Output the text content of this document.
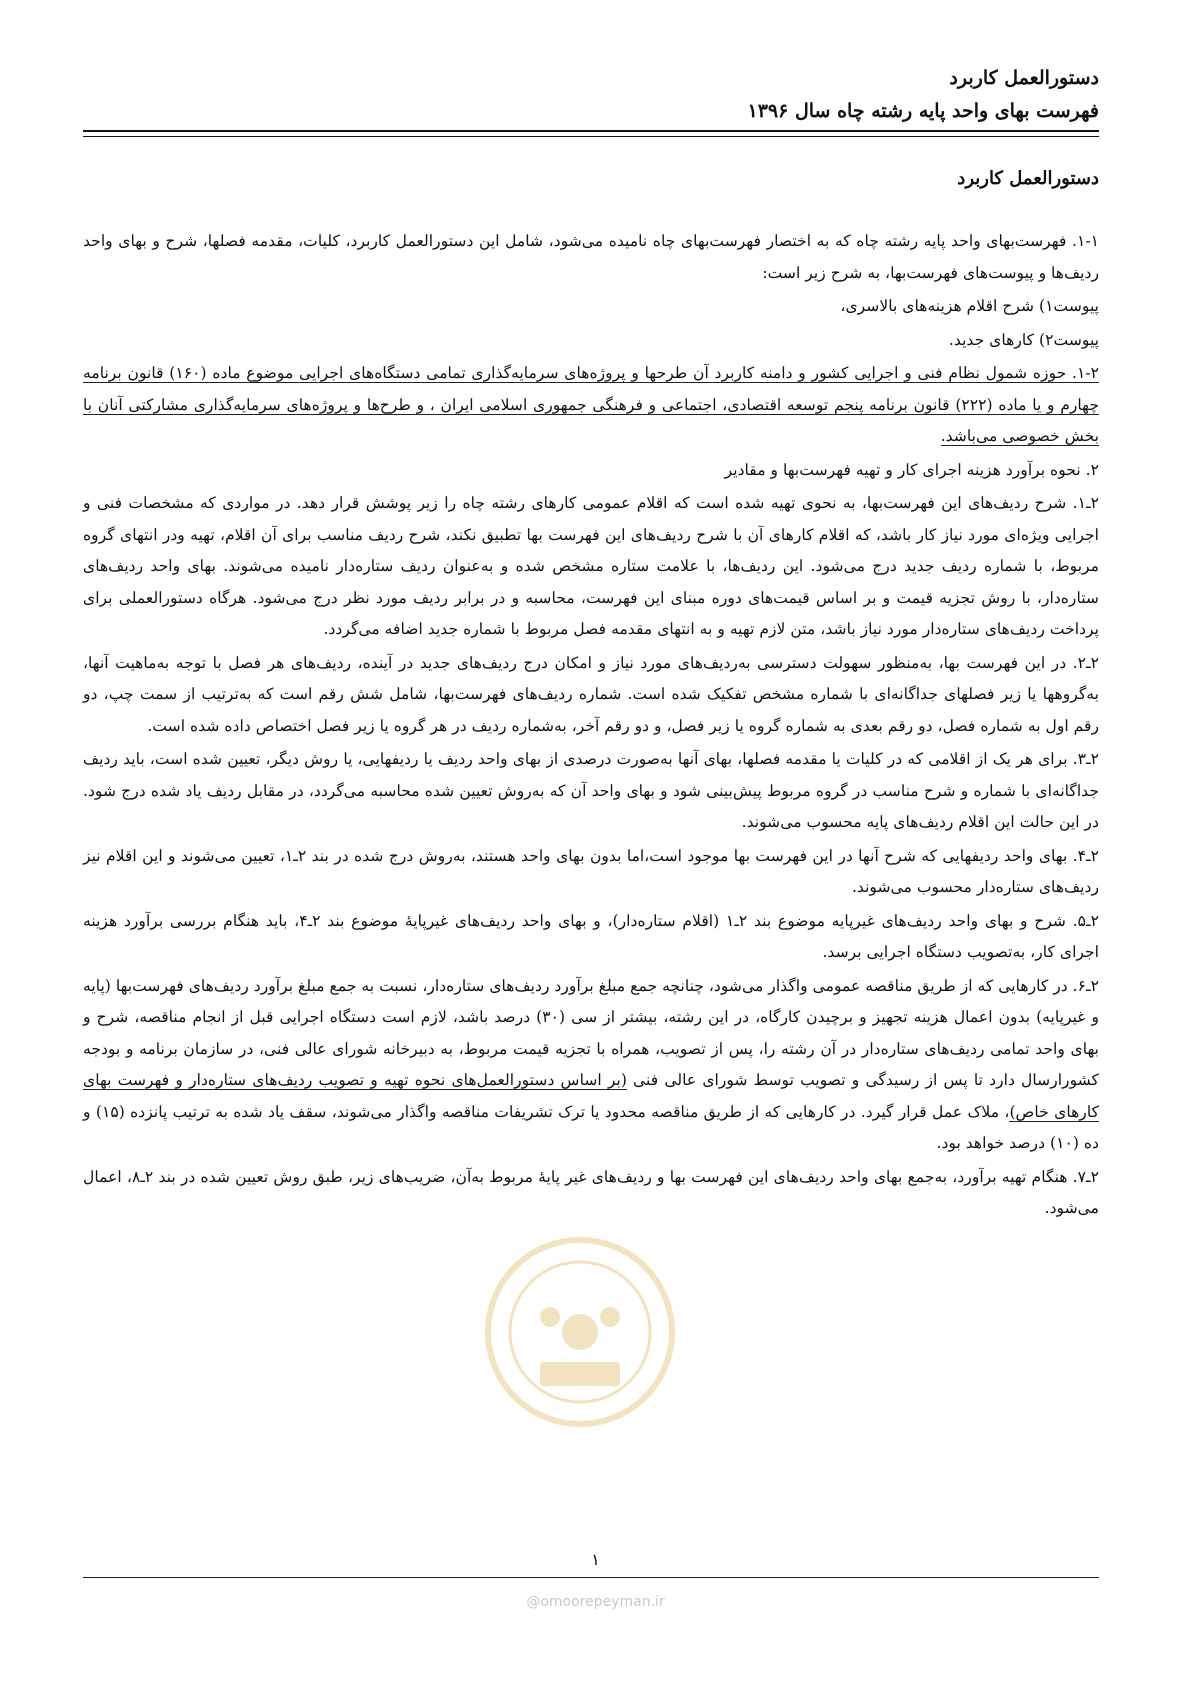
دستورالعمل کاربرد
فهرست بهای واحد پایه رشته چاه سال ۱۳۹۶
دستورالعمل کاربرد

۱-۱. فهرست‌بهای واحد پایه رشته چاه که به اختصار فهرست‌بهای چاه نامیده می‌شود، شامل این دستورالعمل کاربرد، کلیات، مقدمه فصلها، شرح و بهای واحد ردیف‌ها و پیوست‌های فهرست‌بها، به شرح زیر است:

پیوست۱) شرح اقلام هزینه‌های بالاسری،

پیوست۲) کارهای جدید.

۱-۲. حوزه شمول نظام فنی و اجرایی کشور و دامنه کاربرد آن طرحها و پروژه‌های سرمایه‌گذاری تمامی دستگاه‌های اجرایی موضوع ماده (۱۶۰) قانون برنامه چهارم و یا ماده (۲۲۲) قانون برنامه پنجم توسعه اقتصادی، اجتماعی و فرهنگی جمهوری اسلامی ایران ، و طرح‌ها و پروژه‌های سرمایه‌گذاری مشارکتی آنان با بخش خصوصی می‌باشد.

۲. نحوه برآورد هزینه اجرای کار و تهیه فهرست‌بها و مقادیر

۲ـ۱. شرح ردیف‌های این فهرست‌بها، به نحوی تهیه شده است که اقلام عمومی کارهای رشته چاه را زیر پوشش قرار دهد. در مواردی که مشخصات فنی و اجرایی ویژه‌ای مورد نیاز کار باشد، که اقلام کارهای آن با شرح ردیف‌های این فهرست بها تطبیق نکند، شرح ردیف مناسب برای آن اقلام، تهیه ودر انتهای گروه مربوط، با شماره ردیف جدید درج می‌شود. این ردیف‌ها، با علامت ستاره مشخص شده و به‌عنوان ردیف ستاره‌دار نامیده می‌شوند. بهای واحد ردیف‌های ستاره‌دار، با روش تجزیه قیمت و بر اساس قیمت‌های دوره مبنای این فهرست، محاسبه و در برابر ردیف مورد نظر درج می‌شود. هرگاه دستورالعملی برای پرداخت ردیف‌های ستاره‌دار مورد نیاز باشد، متن لازم تهیه و به انتهای مقدمه فصل مربوط با شماره جدید اضافه می‌گردد.

۲ـ۲. در این فهرست بها، به‌منظور سهولت دسترسی به‌ردیف‌های مورد نیاز و امکان درج ردیف‌های جدید در آینده، ردیف‌های هر فصل با توجه به‌ماهیت آنها، به‌گروهها یا زیر فصلهای جداگانه‌ای با شماره مشخص تفکیک شده است. شماره ردیف‌های فهرست‌بها، شامل شش رقم است که به‌ترتیب از سمت چپ، دو رقم اول به شماره فصل، دو رقم بعدی به شماره گروه یا زیر فصل، و دو رقم آخر، به‌شماره ردیف در هر گروه یا زیر فصل اختصاص داده شده است.

۲ـ۳. برای هر یک از اقلامی که در کلیات یا مقدمه فصلها، بهای آنها به‌صورت درصدی از بهای واحد ردیف یا ردیفهایی، یا روش دیگر، تعیین شده است، باید ردیف جداگانه‌ای با شماره و شرح مناسب در گروه مربوط پیش‌بینی شود و بهای واحد آن که به‌روش تعیین شده محاسبه می‌گردد، در مقابل ردیف یاد شده درج شود. در این حالت این اقلام ردیف‌های پایه محسوب می‌شوند.

۲ـ۴. بهای واحد ردیفهایی که شرح آنها در این فهرست بها موجود است،اما بدون بهای واحد هستند، به‌روش درج شده در بند ۲ـ۱، تعیین می‌شوند و این اقلام نیز ردیف‌های ستاره‌دار محسوب می‌شوند.

۲ـ۵. شرح و بهای واحد ردیف‌های غیرپایه موضوع بند ۲ـ۱ (اقلام ستاره‌دار)، و بهای واحد ردیف‌های غیرپایهٔ موضوع بند ۲ـ۴، باید هنگام بررسی برآورد هزینه اجرای کار، به‌تصویب دستگاه اجرایی برسد.

۲ـ۶. در کارهایی که از طریق مناقصه عمومی واگذار می‌شود، چنانچه جمع مبلغ برآورد ردیف‌های ستاره‌دار، نسبت به جمع مبلغ برآورد ردیف‌های فهرست‌بها (پایه و غیرپایه) بدون اعمال هزینه تجهیز و برچیدن کارگاه، در این رشته، بیشتر از سی (۳۰) درصد باشد، لازم است دستگاه اجرایی قبل از انجام مناقصه، شرح و بهای واحد تمامی ردیف‌های ستاره‌دار در آن رشته را، پس از تصویب، همراه با تجزیه قیمت مربوط، به دبیرخانه شورای عالی فنی، در سازمان برنامه و بودجه کشورارسال دارد تا پس از رسیدگی و تصویب توسط شورای عالی فنی (بر اساس دستورالعمل‌های نحوه تهیه و تصویب ردیف‌های ستاره‌دار و فهرست بهای کارهای خاص)، ملاک عمل قرار گیرد. در کارهایی که از طریق مناقصه محدود یا ترک تشریفات مناقصه واگذار می‌شوند، سقف یاد شده به ترتیب پانزده (۱۵) و ده (۱۰) درصد خواهد بود.

۲ـ۷. هنگام تهیه برآورد، به‌جمع بهای واحد ردیف‌های این فهرست بها و ردیف‌های غیر پایهٔ مربوط به‌آن، ضریب‌های زیر، طبق روش تعیین شده در بند ۲ـ۸، اعمال می‌شود.

۱
@omoorepeyman.ir
